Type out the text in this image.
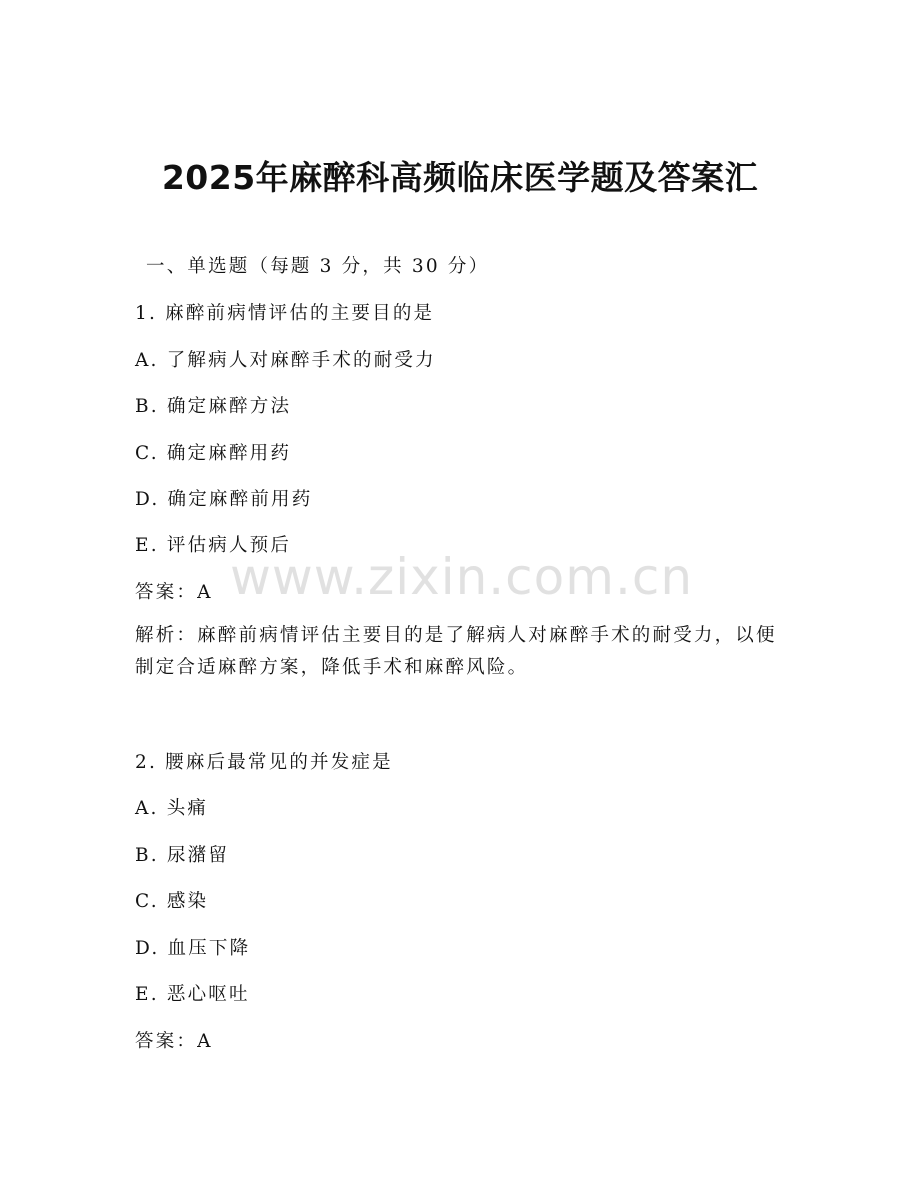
2025年麻醉科高频临床医学题及答案汇

一、单选题（每题 3 分，共 30 分）

1. 麻醉前病情评估的主要目的是

A. 了解病人对麻醉手术的耐受力

B. 确定麻醉方法

C. 确定麻醉用药

D. 确定麻醉前用药

E. 评估病人预后

答案：A

解析：麻醉前病情评估主要目的是了解病人对麻醉手术的耐受力，以便制定合适麻醉方案，降低手术和麻醉风险。

2. 腰麻后最常见的并发症是

A. 头痛

B. 尿潴留

C. 感染

D. 血压下降

E. 恶心呕吐

答案：A

www.zixin.com.cn
